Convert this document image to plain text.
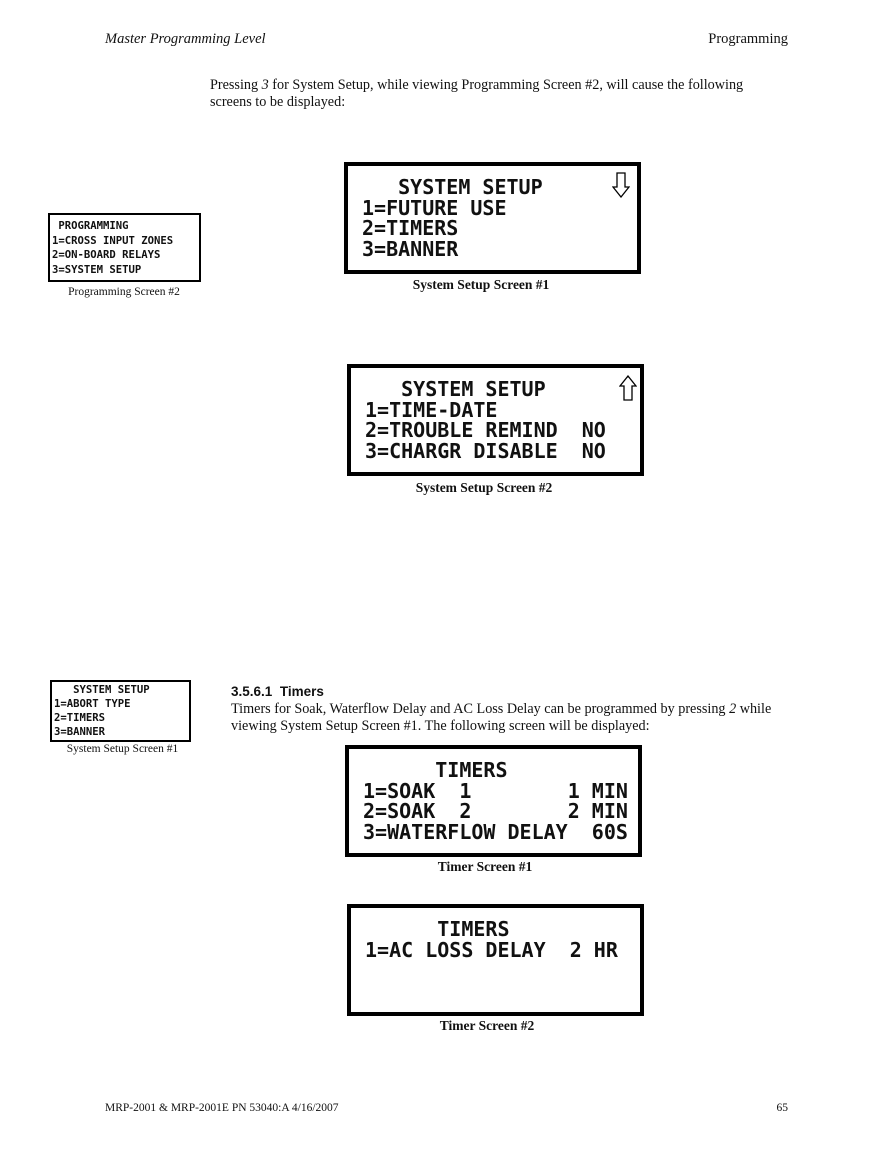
Master Programming Level	Programming
Pressing 3 for System Setup, while viewing Programming Screen #2, will cause the following
screens to be displayed:
PROGRAMMING
1=CROSS INPUT ZONES
2=ON-BOARD RELAYS
3=SYSTEM SETUP
Programming Screen #2
SYSTEM SETUP
1=FUTURE USE
2=TIMERS
3=BANNER
System Setup Screen #1
SYSTEM SETUP
1=TIME-DATE
2=TROUBLE REMIND  NO
3=CHARGR DISABLE  NO
System Setup Screen #2
SYSTEM SETUP
1=ABORT TYPE
2=TIMERS
3=BANNER
System Setup Screen #1
3.5.6.1 Timers
Timers for Soak, Waterflow Delay and AC Loss Delay can be programmed by pressing 2 while
viewing System Setup Screen #1. The following screen will be displayed:
TIMERS
1=SOAK  1        1 MIN
2=SOAK  2        2 MIN
3=WATERFLOW DELAY  60S
Timer Screen #1
TIMERS
1=AC LOSS DELAY  2 HR
Timer Screen #2
MRP-2001 & MRP-2001E PN 53040:A 4/16/2007	65
